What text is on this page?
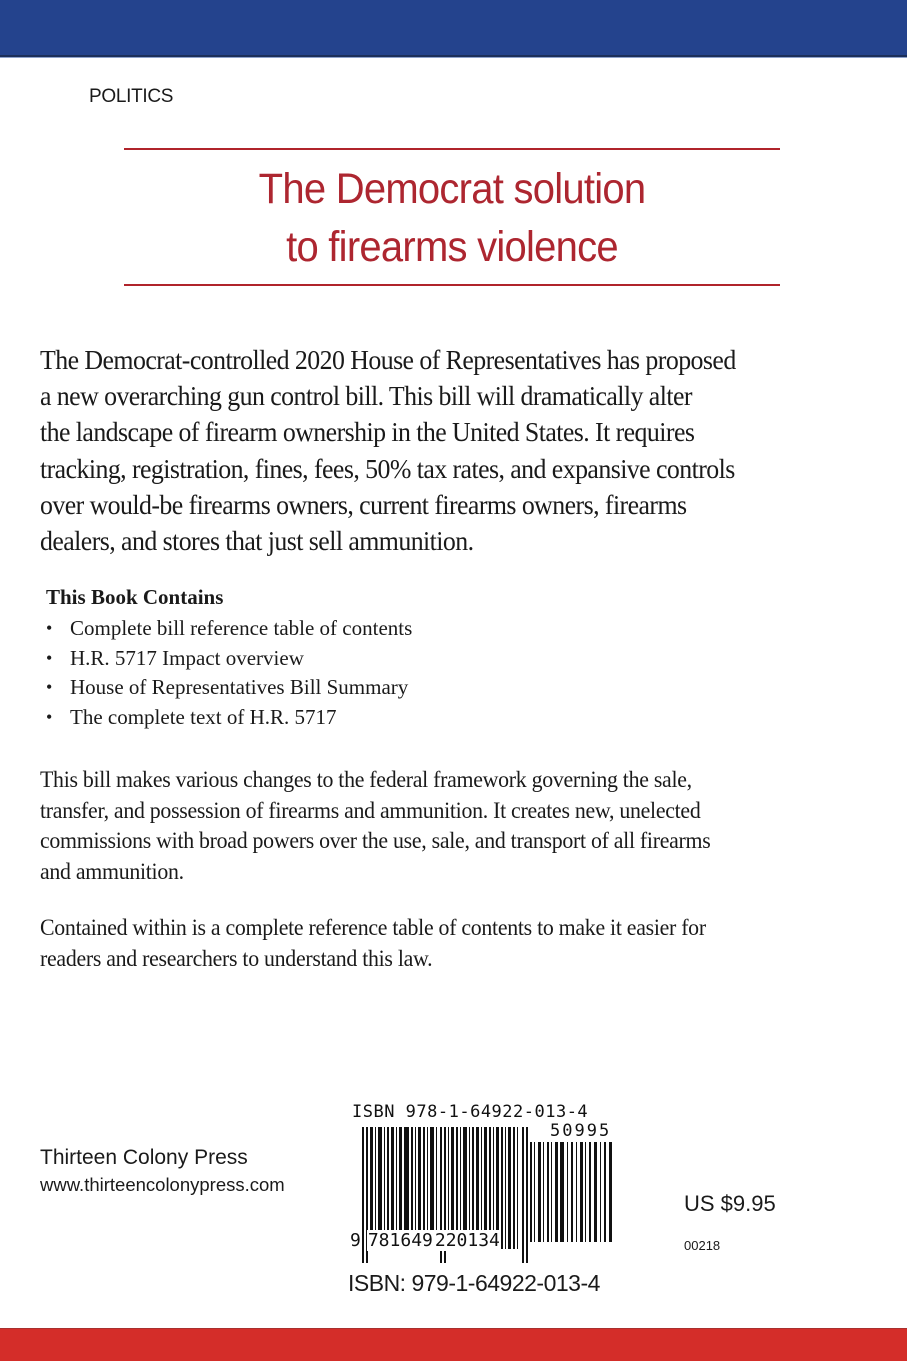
POLITICS
The Democrat solution
to firearms violence
The Democrat-controlled 2020 House of Representatives has proposed
a new overarching gun control bill. This bill will dramatically alter
the landscape of firearm ownership in the United States. It requires
tracking, registration, fines, fees, 50% tax rates, and expansive controls
over would-be firearms owners, current firearms owners, firearms
dealers, and stores that just sell ammunition.
This Book Contains
• Complete bill reference table of contents
• H.R. 5717 Impact overview
• House of Representatives Bill Summary
• The complete text of H.R. 5717
This bill makes various changes to the federal framework governing the sale,
transfer, and possession of firearms and ammunition. It creates new, unelected
commissions with broad powers over the use, sale, and transport of all firearms
and ammunition.
Contained within is a complete reference table of contents to make it easier for
readers and researchers to understand this law.
Thirteen Colony Press
www.thirteencolonypress.com
ISBN 978-1-64922-013-4
50995
9 781649 220134
ISBN: 979-1-64922-013-4
US $9.95
00218
